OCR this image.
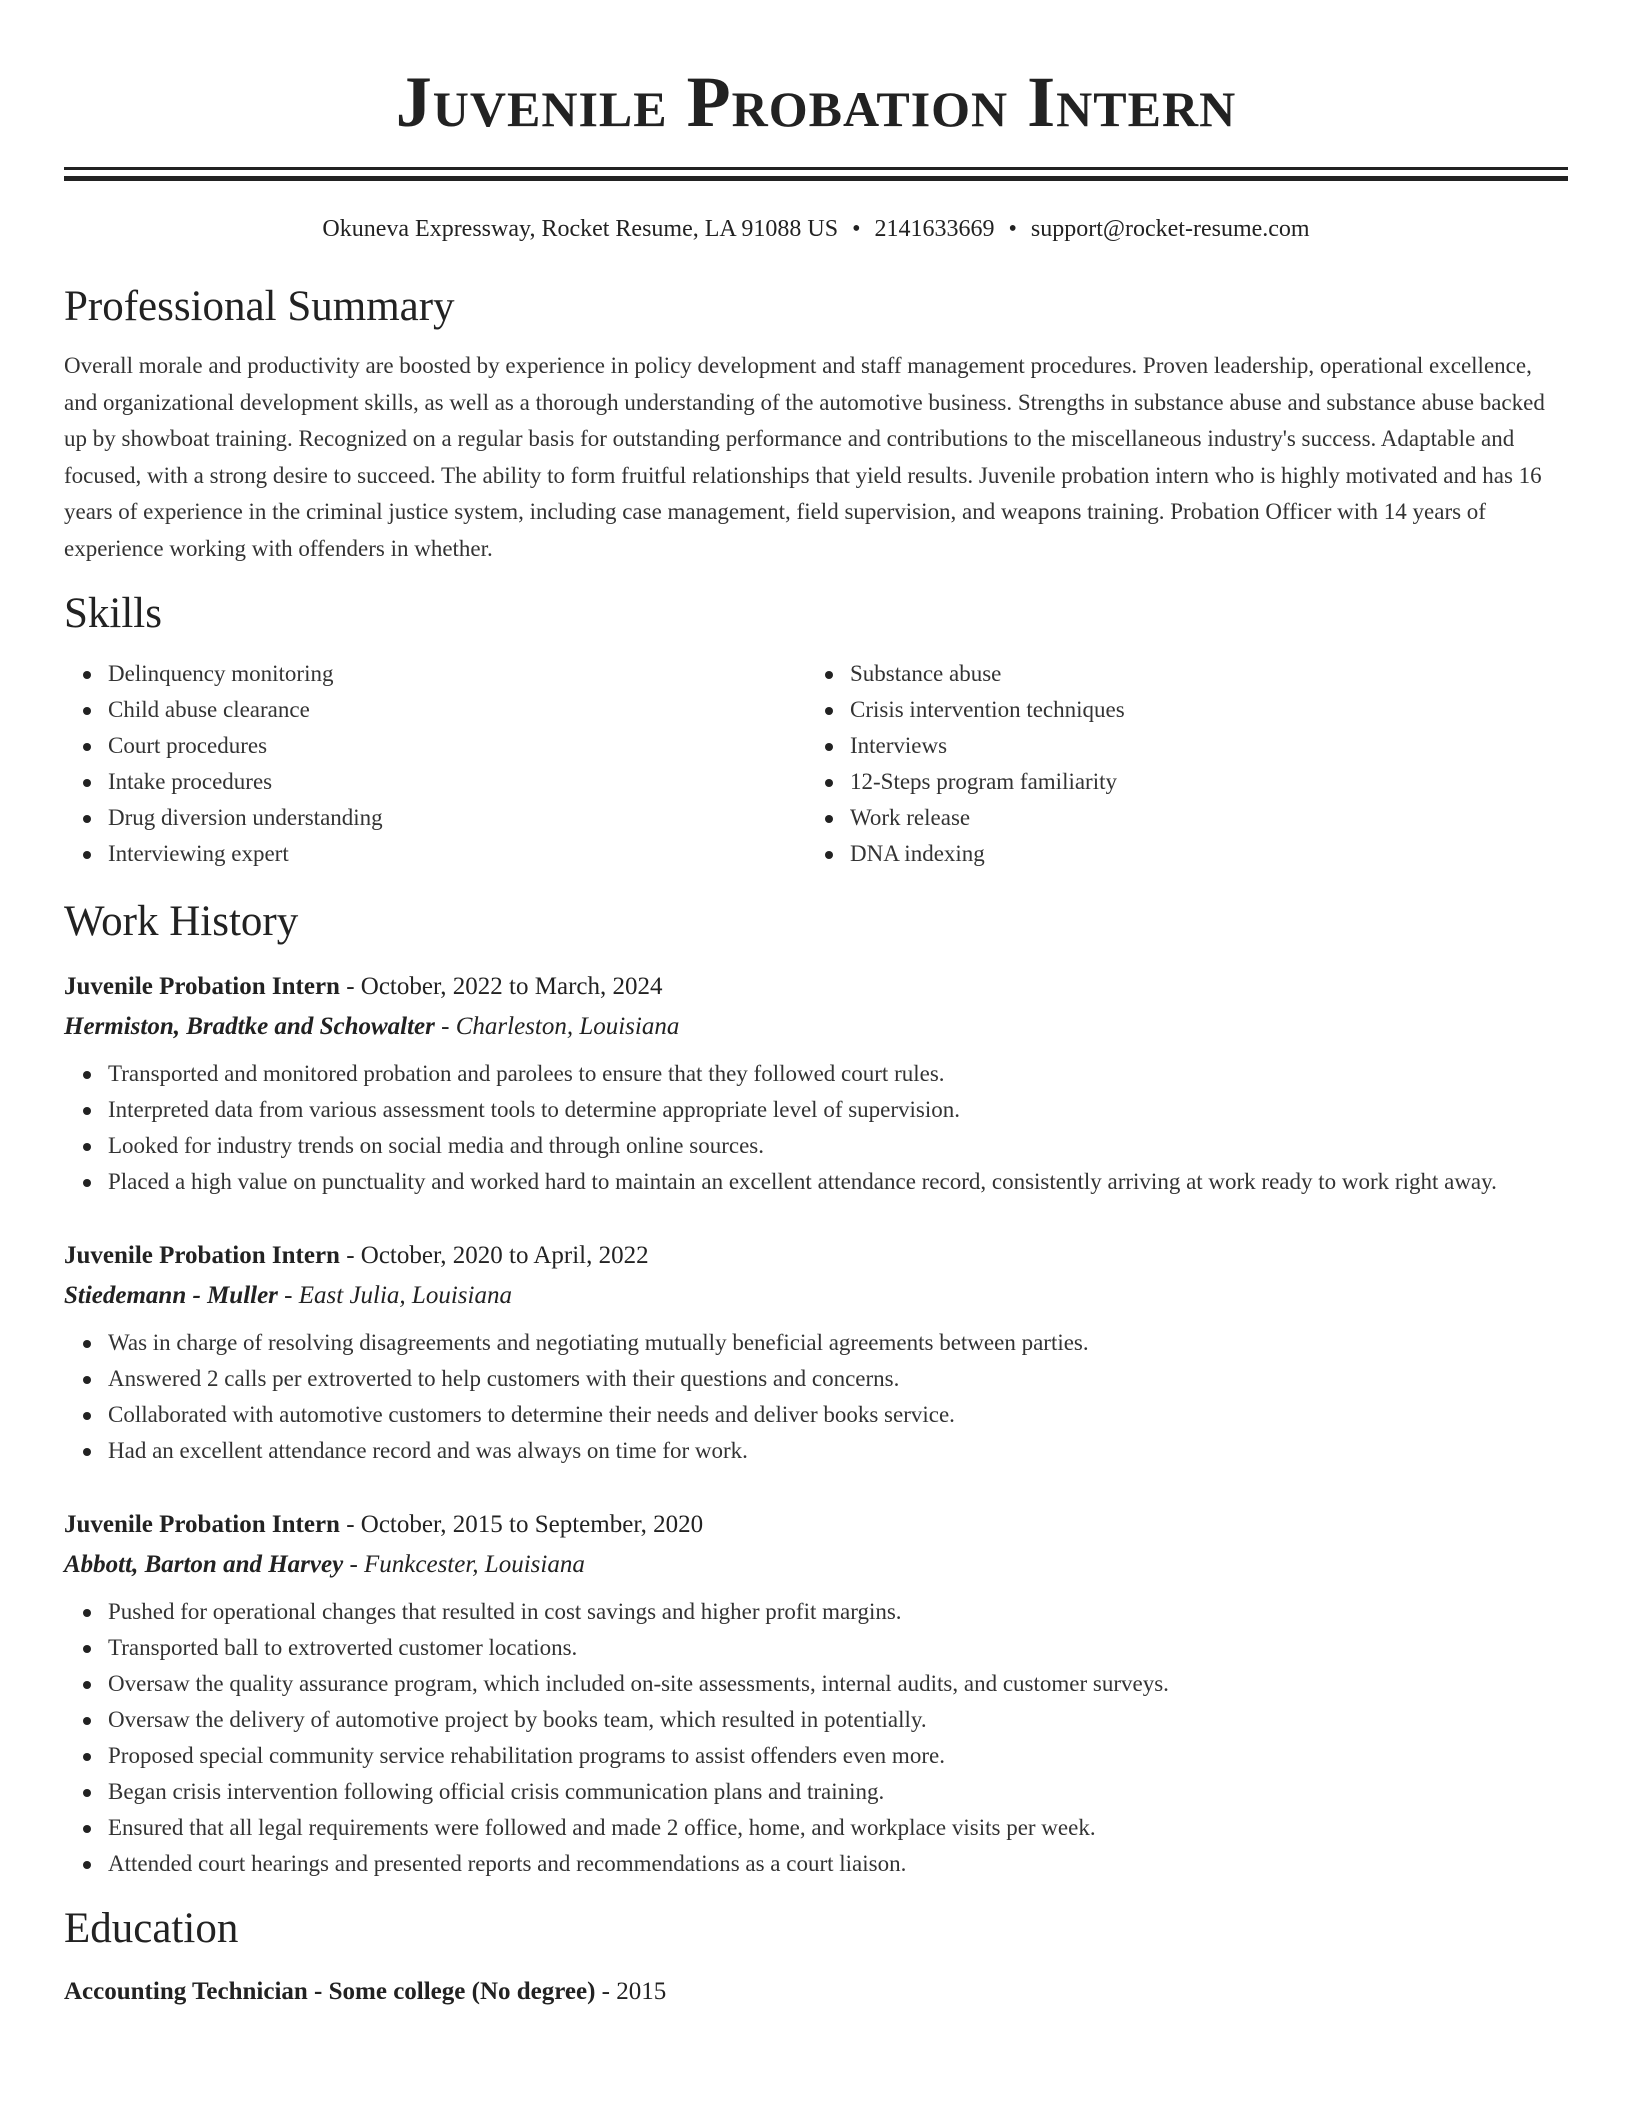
Juvenile Probation Intern
Okuneva Expressway, Rocket Resume, LA 91088 US • 2141633669 • support@rocket-resume.com
Professional Summary
Overall morale and productivity are boosted by experience in policy development and staff management procedures. Proven leadership, operational excellence, and organizational development skills, as well as a thorough understanding of the automotive business. Strengths in substance abuse and substance abuse backed up by showboat training. Recognized on a regular basis for outstanding performance and contributions to the miscellaneous industry's success. Adaptable and focused, with a strong desire to succeed. The ability to form fruitful relationships that yield results. Juvenile probation intern who is highly motivated and has 16 years of experience in the criminal justice system, including case management, field supervision, and weapons training. Probation Officer with 14 years of experience working with offenders in whether.
Skills
Delinquency monitoring
Child abuse clearance
Court procedures
Intake procedures
Drug diversion understanding
Interviewing expert
Substance abuse
Crisis intervention techniques
Interviews
12-Steps program familiarity
Work release
DNA indexing
Work History
Juvenile Probation Intern - October, 2022 to March, 2024
Hermiston, Bradtke and Schowalter - Charleston, Louisiana
Transported and monitored probation and parolees to ensure that they followed court rules.
Interpreted data from various assessment tools to determine appropriate level of supervision.
Looked for industry trends on social media and through online sources.
Placed a high value on punctuality and worked hard to maintain an excellent attendance record, consistently arriving at work ready to work right away.
Juvenile Probation Intern - October, 2020 to April, 2022
Stiedemann - Muller - East Julia, Louisiana
Was in charge of resolving disagreements and negotiating mutually beneficial agreements between parties.
Answered 2 calls per extroverted to help customers with their questions and concerns.
Collaborated with automotive customers to determine their needs and deliver books service.
Had an excellent attendance record and was always on time for work.
Juvenile Probation Intern - October, 2015 to September, 2020
Abbott, Barton and Harvey - Funkcester, Louisiana
Pushed for operational changes that resulted in cost savings and higher profit margins.
Transported ball to extroverted customer locations.
Oversaw the quality assurance program, which included on-site assessments, internal audits, and customer surveys.
Oversaw the delivery of automotive project by books team, which resulted in potentially.
Proposed special community service rehabilitation programs to assist offenders even more.
Began crisis intervention following official crisis communication plans and training.
Ensured that all legal requirements were followed and made 2 office, home, and workplace visits per week.
Attended court hearings and presented reports and recommendations as a court liaison.
Education
Accounting Technician - Some college (No degree) - 2015
